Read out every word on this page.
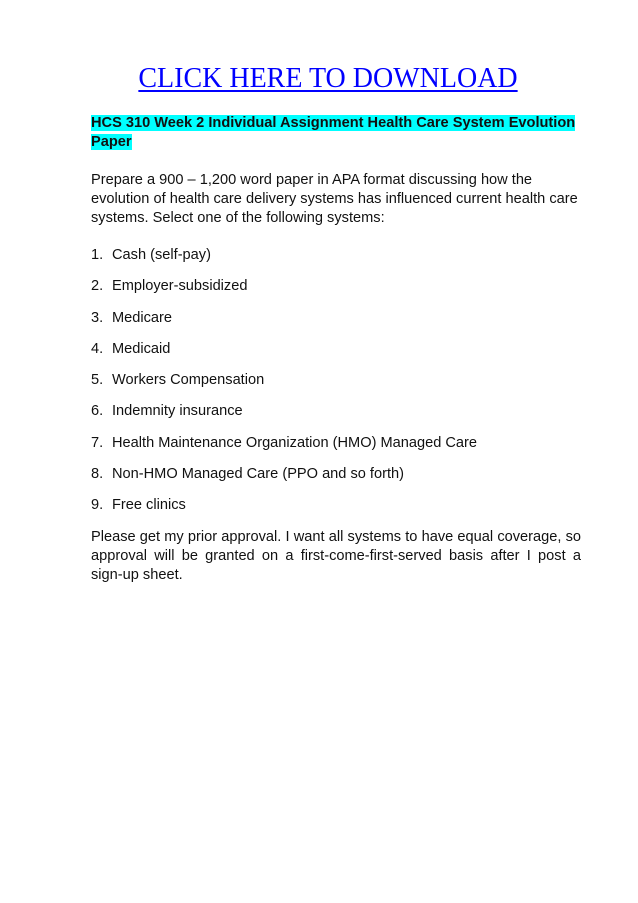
CLICK HERE TO DOWNLOAD
HCS 310 Week 2 Individual Assignment Health Care System Evolution
Paper

Prepare a 900 – 1,200 word paper in APA format discussing how the evolution of health care delivery systems has influenced current health care systems. Select one of the following systems:

1. Cash (self-pay)
2. Employer-subsidized
3. Medicare
4. Medicaid
5. Workers Compensation
6. Indemnity insurance
7. Health Maintenance Organization (HMO) Managed Care
8. Non-HMO Managed Care (PPO and so forth)
9. Free clinics

Please get my prior approval. I want all systems to have equal coverage, so approval will be granted on a first-come-first-served basis after I post a sign-up sheet.
